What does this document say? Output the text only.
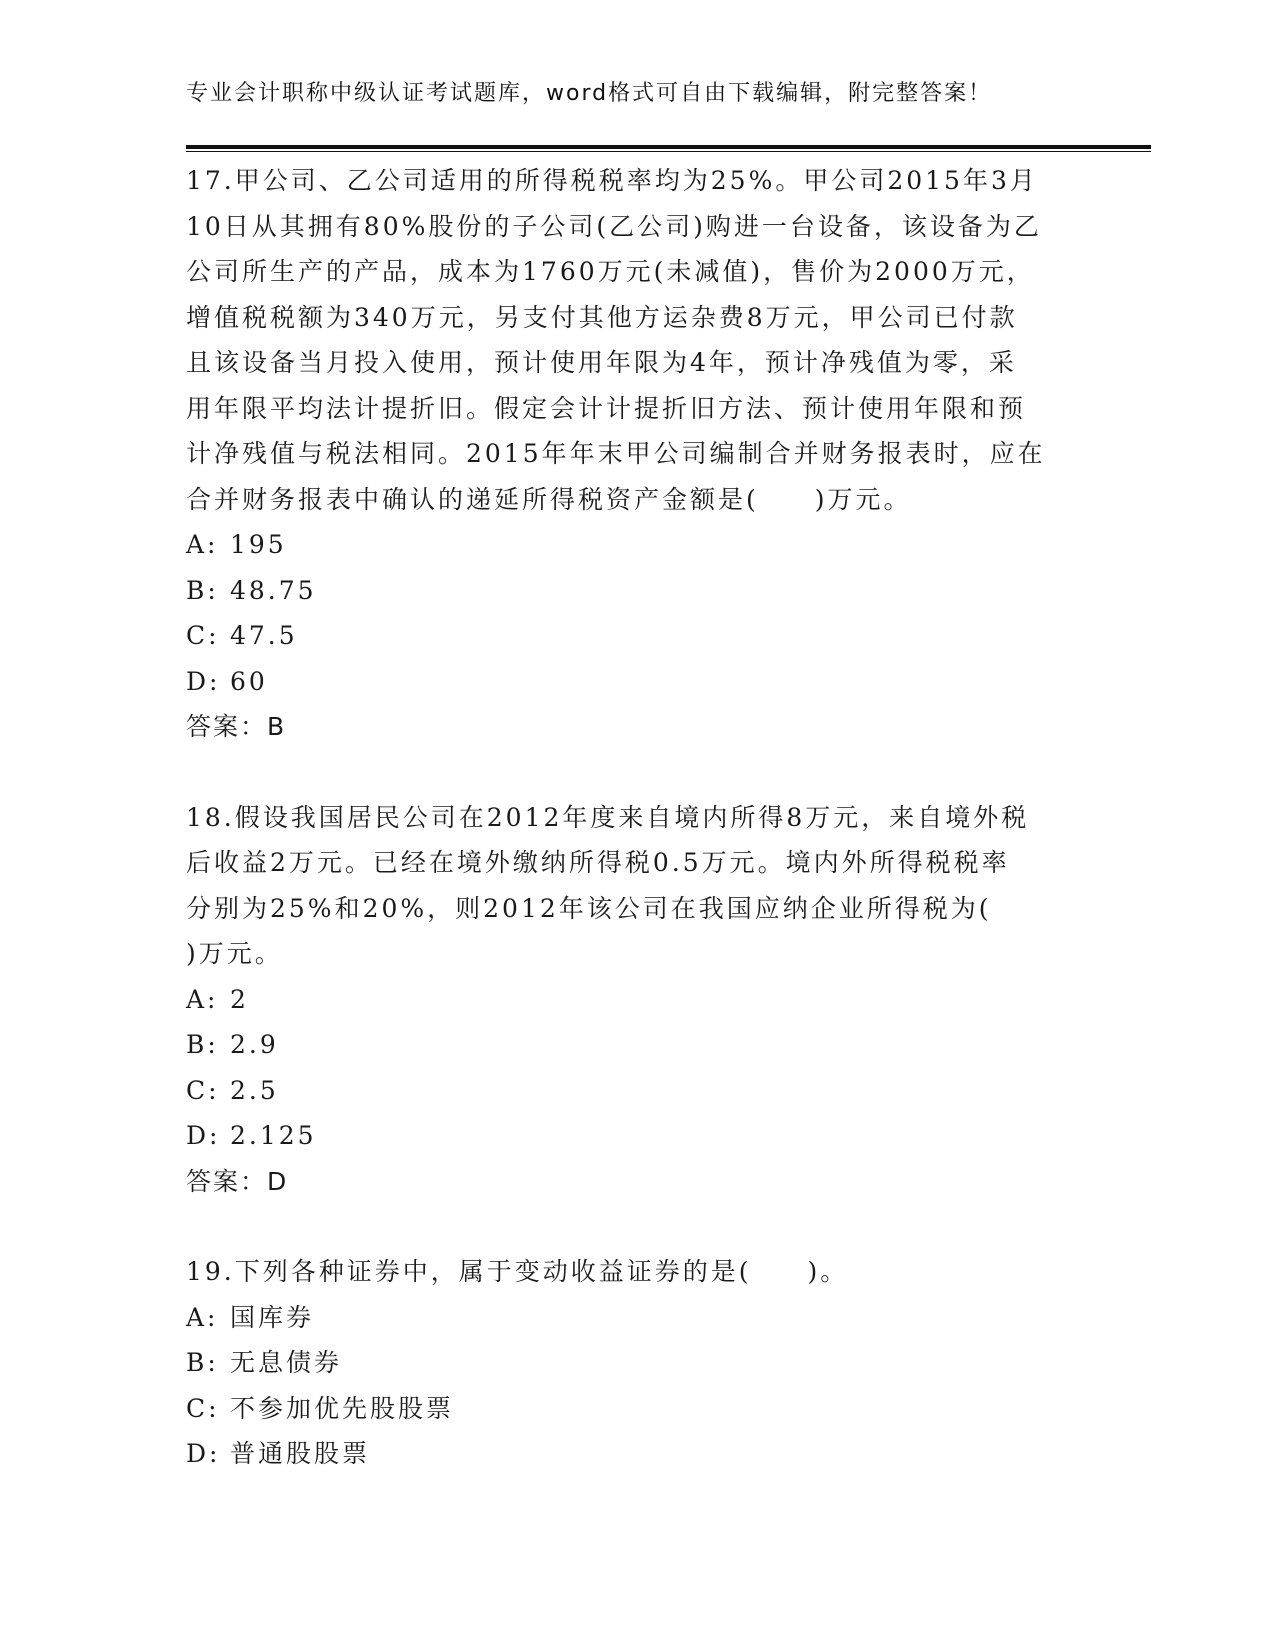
专业会计职称中级认证考试题库，word格式可自由下载编辑，附完整答案！

17.甲公司、乙公司适用的所得税税率均为25%。甲公司2015年3月
10日从其拥有80%股份的子公司(乙公司)购进一台设备，该设备为乙
公司所生产的产品，成本为1760万元(未减值)，售价为2000万元，
增值税税额为340万元，另支付其他方运杂费8万元，甲公司已付款
且该设备当月投入使用，预计使用年限为4年，预计净残值为零，采
用年限平均法计提折旧。假定会计计提折旧方法、预计使用年限和预
计净残值与税法相同。2015年年末甲公司编制合并财务报表时，应在
合并财务报表中确认的递延所得税资产金额是(　　)万元。

A: 195
B: 48.75
C: 47.5
D: 60
答案：B

18.假设我国居民公司在2012年度来自境内所得8万元，来自境外税
后收益2万元。已经在境外缴纳所得税0.5万元。境内外所得税税率
分别为25%和20%，则2012年该公司在我国应纳企业所得税为(
)万元。

A: 2
B: 2.9
C: 2.5
D: 2.125
答案：D

19.下列各种证券中，属于变动收益证券的是(　　)。

A: 国库券
B: 无息债券
C: 不参加优先股股票
D: 普通股股票
